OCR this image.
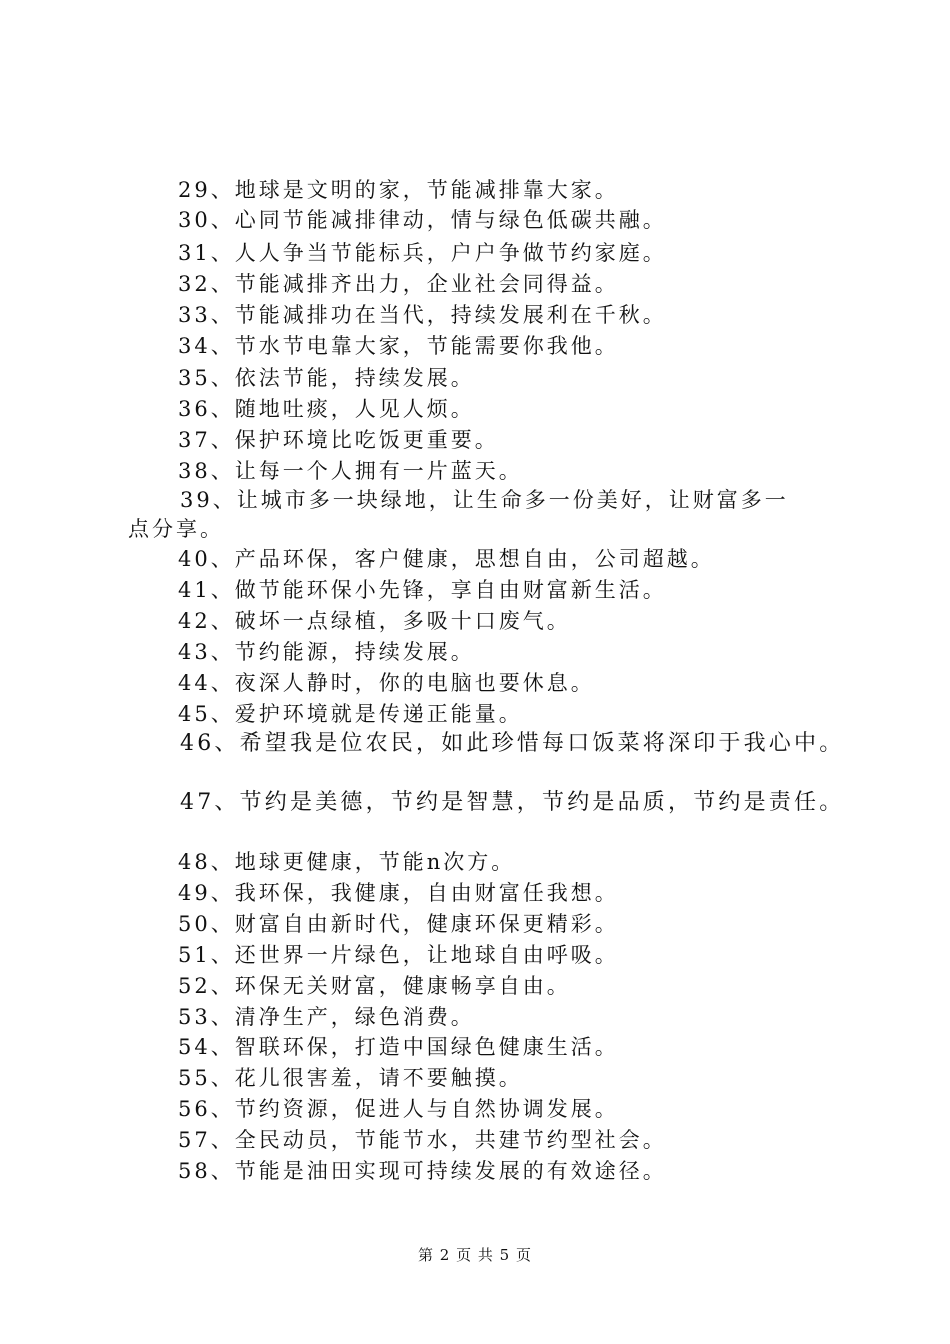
29、地球是文明的家，节能减排靠大家。
30、心同节能减排律动，情与绿色低碳共融。
31、人人争当节能标兵，户户争做节约家庭。
32、节能减排齐出力，企业社会同得益。
33、节能减排功在当代，持续发展利在千秋。
34、节水节电靠大家，节能需要你我他。
35、依法节能，持续发展。
36、随地吐痰，人见人烦。
37、保护环境比吃饭更重要。
38、让每一个人拥有一片蓝天。
39、让城市多一块绿地，让生命多一份美好，让财富多一
点分享。
40、产品环保，客户健康，思想自由，公司超越。
41、做节能环保小先锋，享自由财富新生活。
42、破坏一点绿植，多吸十口废气。
43、节约能源，持续发展。
44、夜深人静时，你的电脑也要休息。
45、爱护环境就是传递正能量。
46、希望我是位农民，如此珍惜每口饭菜将深印于我心中。
47、节约是美德，节约是智慧，节约是品质，节约是责任。
48、地球更健康，节能n次方。
49、我环保，我健康，自由财富任我想。
50、财富自由新时代，健康环保更精彩。
51、还世界一片绿色，让地球自由呼吸。
52、环保无关财富，健康畅享自由。
53、清净生产，绿色消费。
54、智联环保，打造中国绿色健康生活。
55、花儿很害羞，请不要触摸。
56、节约资源，促进人与自然协调发展。
57、全民动员，节能节水，共建节约型社会。
58、节能是油田实现可持续发展的有效途径。
第 2 页 共 5 页
